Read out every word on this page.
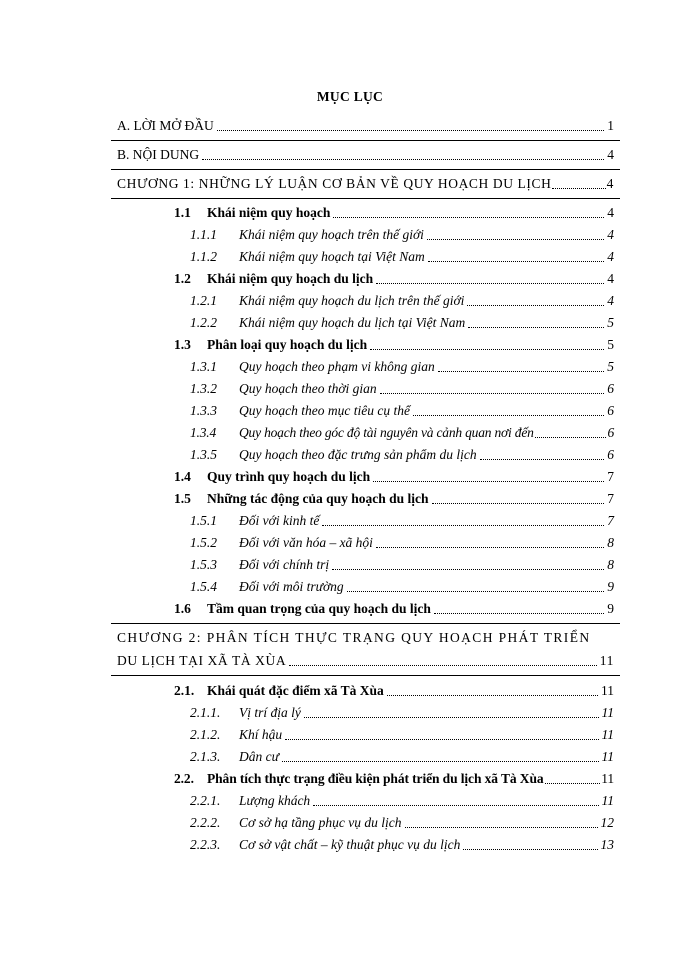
MỤC LỤC
A. LỜI MỞ ĐẦU	1
B. NỘI DUNG	4
CHƯƠNG 1: NHỮNG LÝ LUẬN CƠ BẢN VỀ QUY HOẠCH DU LỊCH	4
1.1 Khái niệm quy hoạch	4
1.1.1 Khái niệm quy hoạch trên thế giới	4
1.1.2 Khái niệm quy hoạch tại Việt Nam	4
1.2 Khái niệm quy hoạch du lịch	4
1.2.1 Khái niệm quy hoạch du lịch trên thế giới	4
1.2.2 Khái niệm quy hoạch du lịch tại Việt Nam	5
1.3 Phân loại quy hoạch du lịch	5
1.3.1 Quy hoạch theo phạm vi không gian	5
1.3.2 Quy hoạch theo thời gian	6
1.3.3 Quy hoạch theo mục tiêu cụ thể	6
1.3.4 Quy hoạch theo góc độ tài nguyên và cảnh quan nơi đến	6
1.3.5 Quy hoạch theo đặc trưng sản phẩm du lịch	6
1.4 Quy trình quy hoạch du lịch	7
1.5 Những tác động của quy hoạch du lịch	7
1.5.1 Đối với kinh tế	7
1.5.2 Đối với văn hóa – xã hội	8
1.5.3 Đối với chính trị	8
1.5.4 Đối với môi trường	9
1.6 Tầm quan trọng của quy hoạch du lịch	9
CHƯƠNG 2: PHÂN TÍCH THỰC TRẠNG QUY HOẠCH PHÁT TRIỂN
DU LỊCH TẠI XÃ TÀ XÙA	11
2.1. Khái quát đặc điểm xã Tà Xùa	11
2.1.1. Vị trí địa lý	11
2.1.2. Khí hậu	11
2.1.3. Dân cư	11
2.2. Phân tích thực trạng điều kiện phát triển du lịch xã Tà Xùa	11
2.2.1. Lượng khách	11
2.2.2. Cơ sở hạ tầng phục vụ du lịch	12
2.2.3. Cơ sở vật chất – kỹ thuật phục vụ du lịch	13
